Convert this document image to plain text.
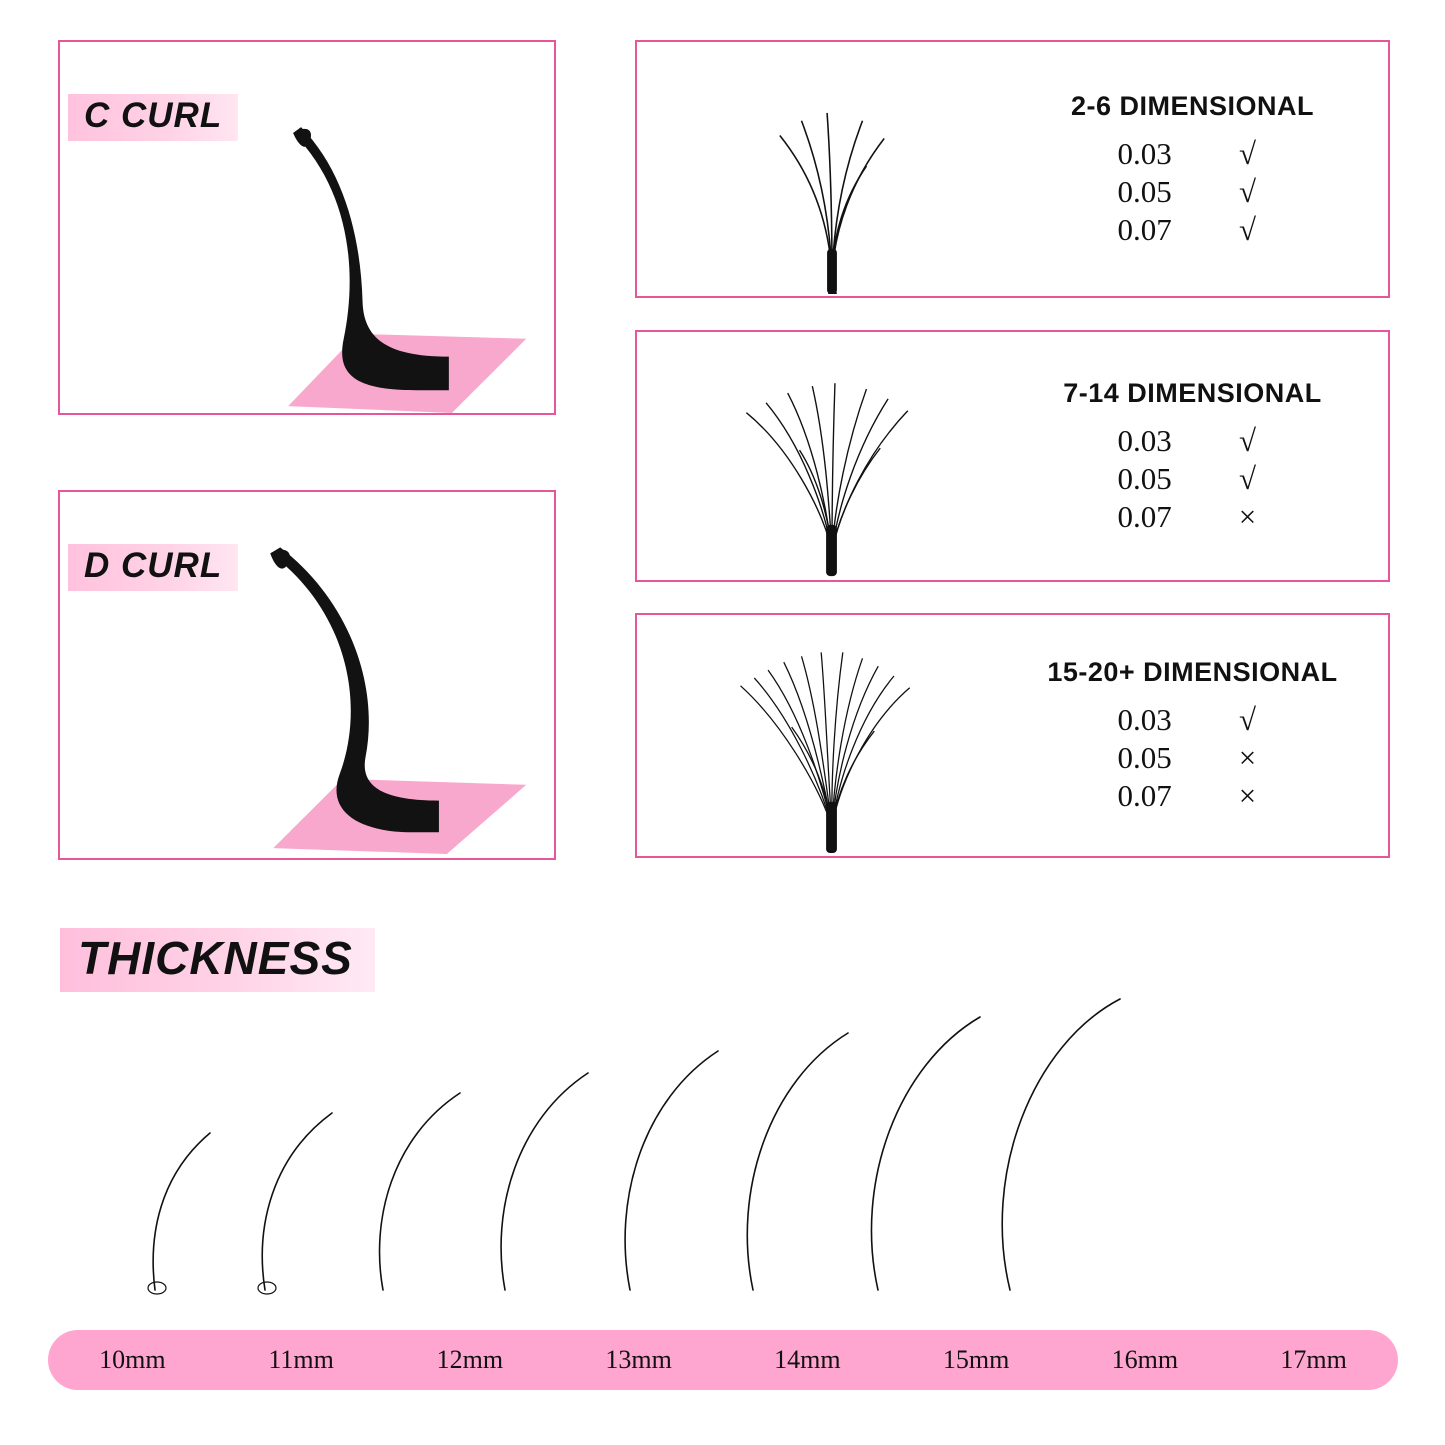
C CURL
D CURL
2-6 DIMENSIONAL
0.03	√
0.05	√
0.07	√
7-14 DIMENSIONAL
0.03	√
0.05	√
0.07	×
15-20+ DIMENSIONAL
0.03	√
0.05	×
0.07	×
THICKNESS
10mm	11mm	12mm	13mm	14mm	15mm	16mm	17mm
